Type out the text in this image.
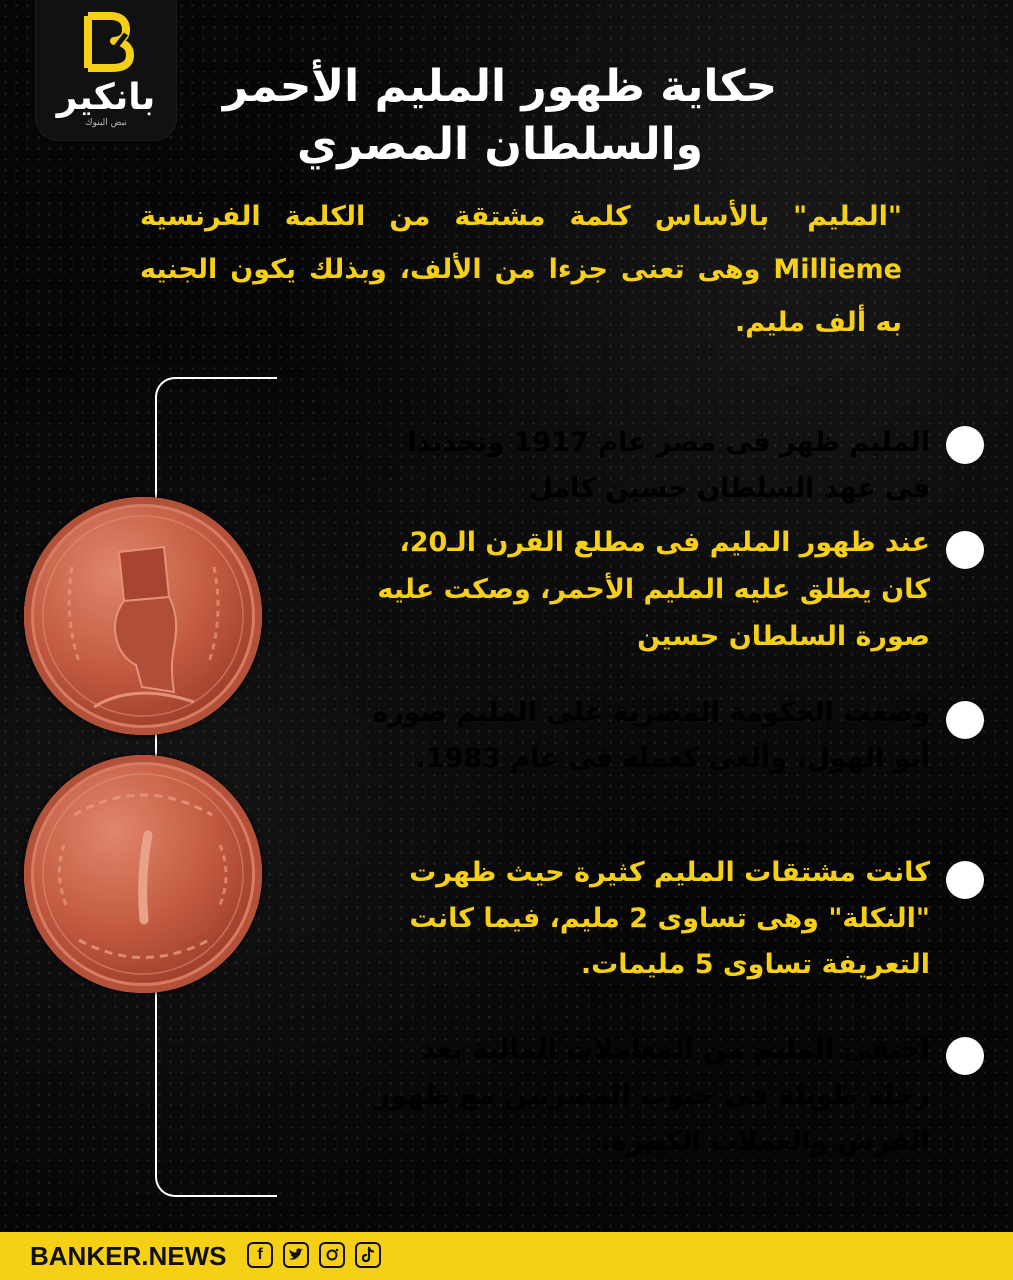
بانكير
نبض البنوك
حكاية ظهور المليم الأحمر والسلطان المصري
"المليم" بالأساس كلمة مشتقة من الكلمة الفرنسية Millieme وهى تعنى جزءا من الألف، وبذلك يكون الجنيه به ألف مليم.
المليم ظهر فى مصر عام 1917 وتحديدا فى عهد السلطان حسين كامل
عند ظهور المليم فى مطلع القرن الـ20، كان يطلق عليه المليم الأحمر، وصكت عليه صورة السلطان حسين
وضعت الحكومة المصرية على المليم صورة أبو الهول، وألغى كعملة فى عام 1983.
كانت مشتقات المليم كثيرة حيث ظهرت "النكلة" وهى تساوى 2 مليم، فيما كانت التعريفة تساوى 5 مليمات.
اختفى المليم من المعاملات المالية بعد رحلة طويلة فى جيوب المصريين مع ظهور القرش والعملات الكبيرة.
BANKER.NEWS	f
